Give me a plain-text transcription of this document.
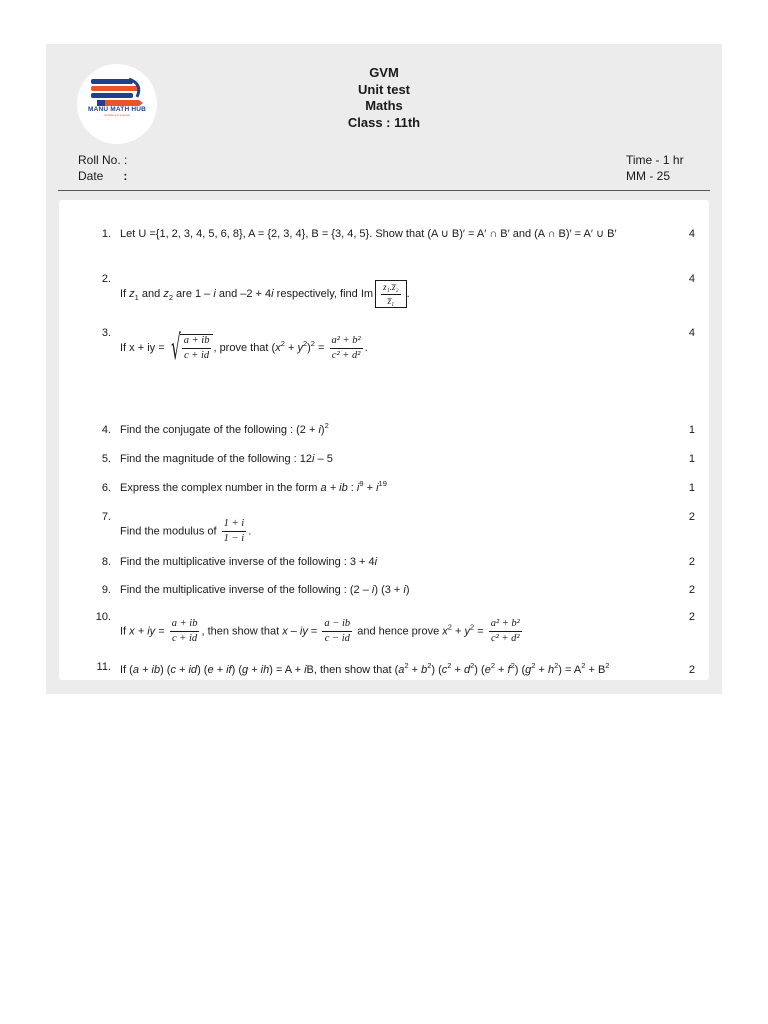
MANU MATH HUB
we believe in progress
GVM
Unit test
Maths
Class : 11th
Roll No. :
Date :
Time - 1 hr
MM - 25
1. Let U ={1, 2, 3, 4, 5, 6, 8}, A = {2, 3, 4}, B = {3, 4, 5}. Show that (A ∪ B)′ = A′ ∩ B′ and (A ∩ B)′ = A′ ∪ B′	4
2.
If $z_1$ and $z_2$ are 1 – i and –2 + 4i respectively, find Im $\frac{\text{z₁.z̅₂}}{\text{z̅₁}}$ .
4
3.
If x + iy = √ $\frac{a + ib}{c + id}$ , prove that $(x^2 + y^2)^2 = \frac{\text{a² + b²}}{\text{c² + d²}}$ .
4
4. Find the conjugate of the following : $(2 + i)^2$	1
5. Find the magnitude of the following : 12i – 5	1
6. Express the complex number in the form a + ib : $i^9 + i^{19}$	1
7.
Find the modulus of $\frac{1 + i}{1 - i}$ .
2
8. Find the multiplicative inverse of the following : 3 + 4i	2
9. Find the multiplicative inverse of the following : (2 – i) (3 + i)	2
10.
If x + iy = $\frac{a + ib}{c + id}$ , then show that x – iy = $\frac{a - ib}{c - id}$ and hence prove $x^2 + y^2 = \frac{\text{a² + b²}}{\text{c² + d²}}$
2
11. If (a + ib) (c + id) (e + if) (g + ih) = A + iB, then show that $(a^2 + b^2) (c^2 + d^2) (e^2 + f^2) (g^2 + h^2) = A^2 + B^2$	2
